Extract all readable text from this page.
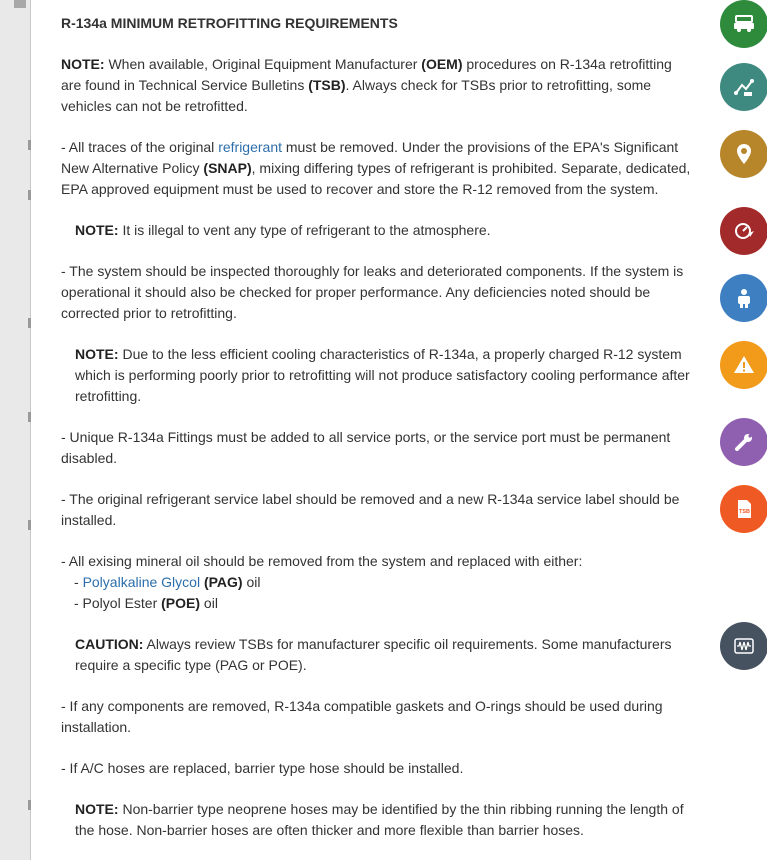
R-134a MINIMUM RETROFITTING REQUIREMENTS
NOTE: When available, Original Equipment Manufacturer (OEM) procedures on R-134a retrofitting are found in Technical Service Bulletins (TSB). Always check for TSBs prior to retrofitting, some vehicles can not be retrofitted.
- All traces of the original refrigerant must be removed. Under the provisions of the EPA's Significant New Alternative Policy (SNAP), mixing differing types of refrigerant is prohibited. Separate, dedicated, EPA approved equipment must be used to recover and store the R-12 removed from the system.
NOTE: It is illegal to vent any type of refrigerant to the atmosphere.
- The system should be inspected thoroughly for leaks and deteriorated components. If the system is operational it should also be checked for proper performance. Any deficiencies noted should be corrected prior to retrofitting.
NOTE: Due to the less efficient cooling characteristics of R-134a, a properly charged R-12 system which is performing poorly prior to retrofitting will not produce satisfactory cooling performance after retrofitting.
- Unique R-134a Fittings must be added to all service ports, or the service port must be permanent disabled.
- The original refrigerant service label should be removed and a new R-134a service label should be installed.
- All exising mineral oil should be removed from the system and replaced with either:
- Polyalkaline Glycol (PAG) oil
- Polyol Ester (POE) oil
CAUTION: Always review TSBs for manufacturer specific oil requirements. Some manufacturers require a specific type (PAG or POE).
- If any components are removed, R-134a compatible gaskets and O-rings should be used during installation.
- If A/C hoses are replaced, barrier type hose should be installed.
NOTE: Non-barrier type neoprene hoses may be identified by the thin ribbing running the length of the hose. Non-barrier hoses are often thicker and more flexible than barrier hoses.
TSB
